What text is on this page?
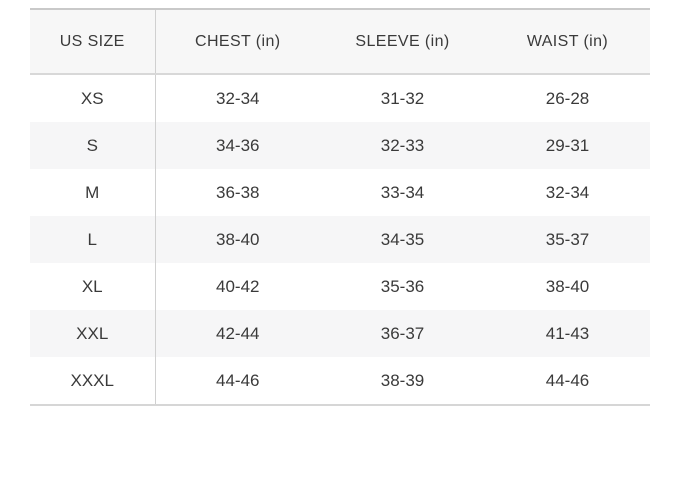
US SIZE	CHEST (in)	SLEEVE (in)	WAIST (in)
XS	32-34	31-32	26-28
S	34-36	32-33	29-31
M	36-38	33-34	32-34
L	38-40	34-35	35-37
XL	40-42	35-36	38-40
XXL	42-44	36-37	41-43
XXXL	44-46	38-39	44-46
